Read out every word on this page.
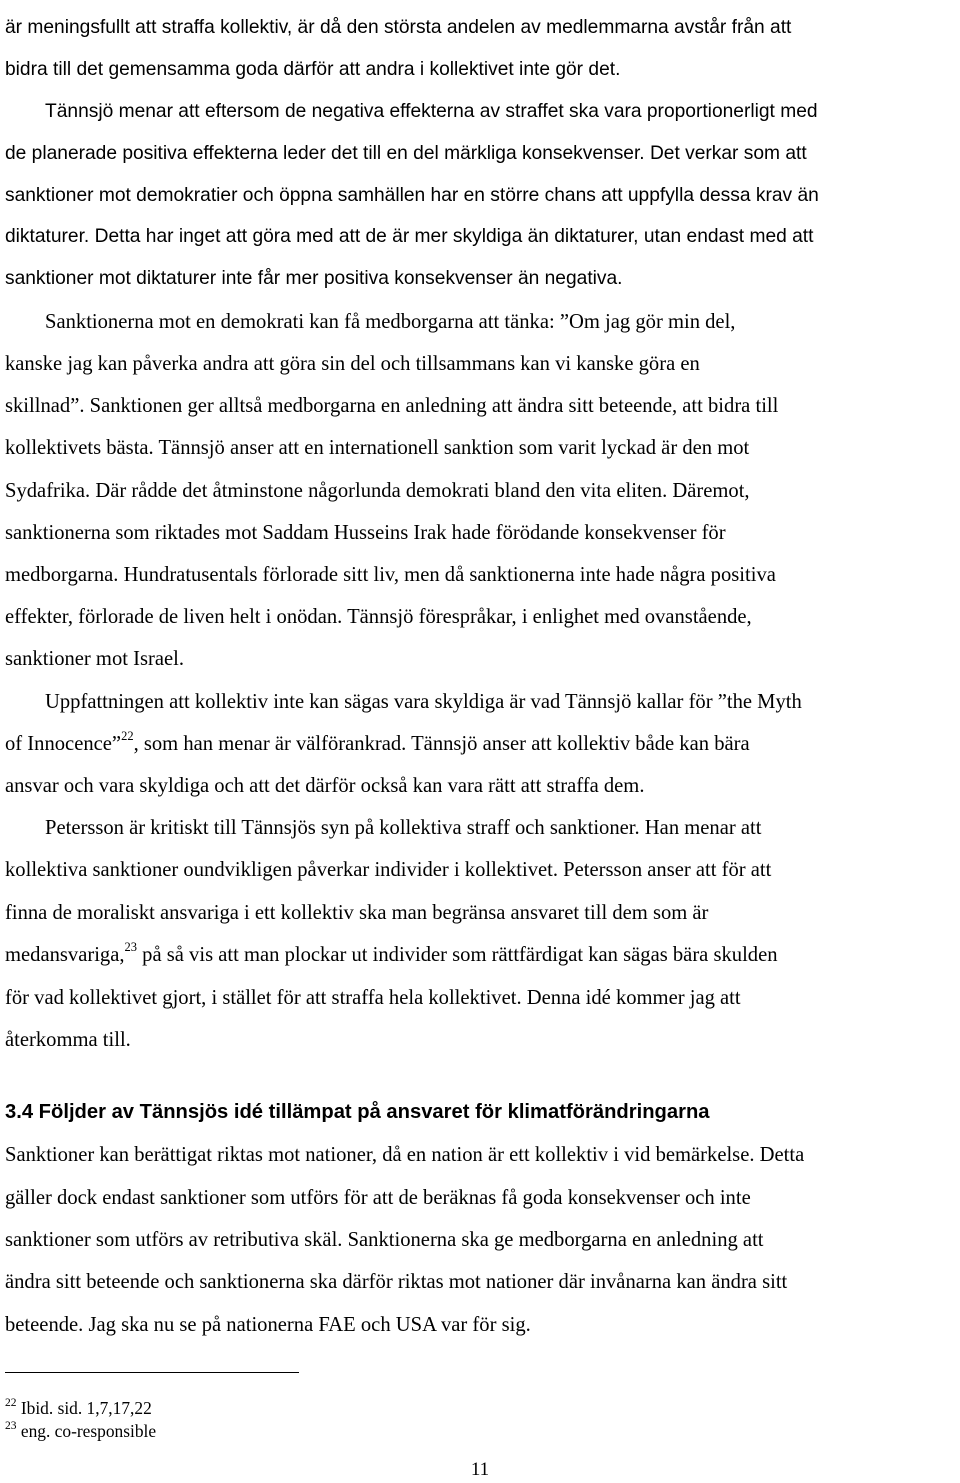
är meningsfullt att straffa kollektiv, är då den största andelen av medlemmarna avstår från att
bidra till det gemensamma goda därför att andra i kollektivet inte gör det.
Tännsjö menar att eftersom de negativa effekterna av straffet ska vara proportionerligt med
de planerade positiva effekterna leder det till en del märkliga konsekvenser. Det verkar som att
sanktioner mot demokratier och öppna samhällen har en större chans att uppfylla dessa krav än
diktaturer. Detta har inget att göra med att de är mer skyldiga än diktaturer, utan endast med att
sanktioner mot diktaturer inte får mer positiva konsekvenser än negativa.
Sanktionerna mot en demokrati kan få medborgarna att tänka: ”Om jag gör min del,
kanske jag kan påverka andra att göra sin del och tillsammans kan vi kanske göra en
skillnad”. Sanktionen ger alltså medborgarna en anledning att ändra sitt beteende, att bidra till
kollektivets bästa. Tännsjö anser att en internationell sanktion som varit lyckad är den mot
Sydafrika. Där rådde det åtminstone någorlunda demokrati bland den vita eliten. Däremot,
sanktionerna som riktades mot Saddam Husseins Irak hade förödande konsekvenser för
medborgarna. Hundratusentals förlorade sitt liv, men då sanktionerna inte hade några positiva
effekter, förlorade de liven helt i onödan. Tännsjö förespråkar, i enlighet med ovanstående,
sanktioner mot Israel.
Uppfattningen att kollektiv inte kan sägas vara skyldiga är vad Tännsjö kallar för ”the Myth
of Innocence”$^{22}$, som han menar är välförankrad. Tännsjö anser att kollektiv både kan bära
ansvar och vara skyldiga och att det därför också kan vara rätt att straffa dem.
Petersson är kritiskt till Tännsjös syn på kollektiva straff och sanktioner. Han menar att
kollektiva sanktioner oundvikligen påverkar individer i kollektivet. Petersson anser att för att
finna de moraliskt ansvariga i ett kollektiv ska man begränsa ansvaret till dem som är
medansvariga,$^{23}$ på så vis att man plockar ut individer som rättfärdigat kan sägas bära skulden
för vad kollektivet gjort, i stället för att straffa hela kollektivet. Denna idé kommer jag att
återkomma till.
3.4 Följder av Tännsjös idé tillämpat på ansvaret för klimatförändringarna
Sanktioner kan berättigat riktas mot nationer, då en nation är ett kollektiv i vid bemärkelse. Detta
gäller dock endast sanktioner som utförs för att de beräknas få goda konsekvenser och inte
sanktioner som utförs av retributiva skäl. Sanktionerna ska ge medborgarna en anledning att
ändra sitt beteende och sanktionerna ska därför riktas mot nationer där invånarna kan ändra sitt
beteende. Jag ska nu se på nationerna FAE och USA var för sig.
$^{22}$ Ibid. sid. 1,7,17,22
$^{23}$ eng. co-responsible
11
